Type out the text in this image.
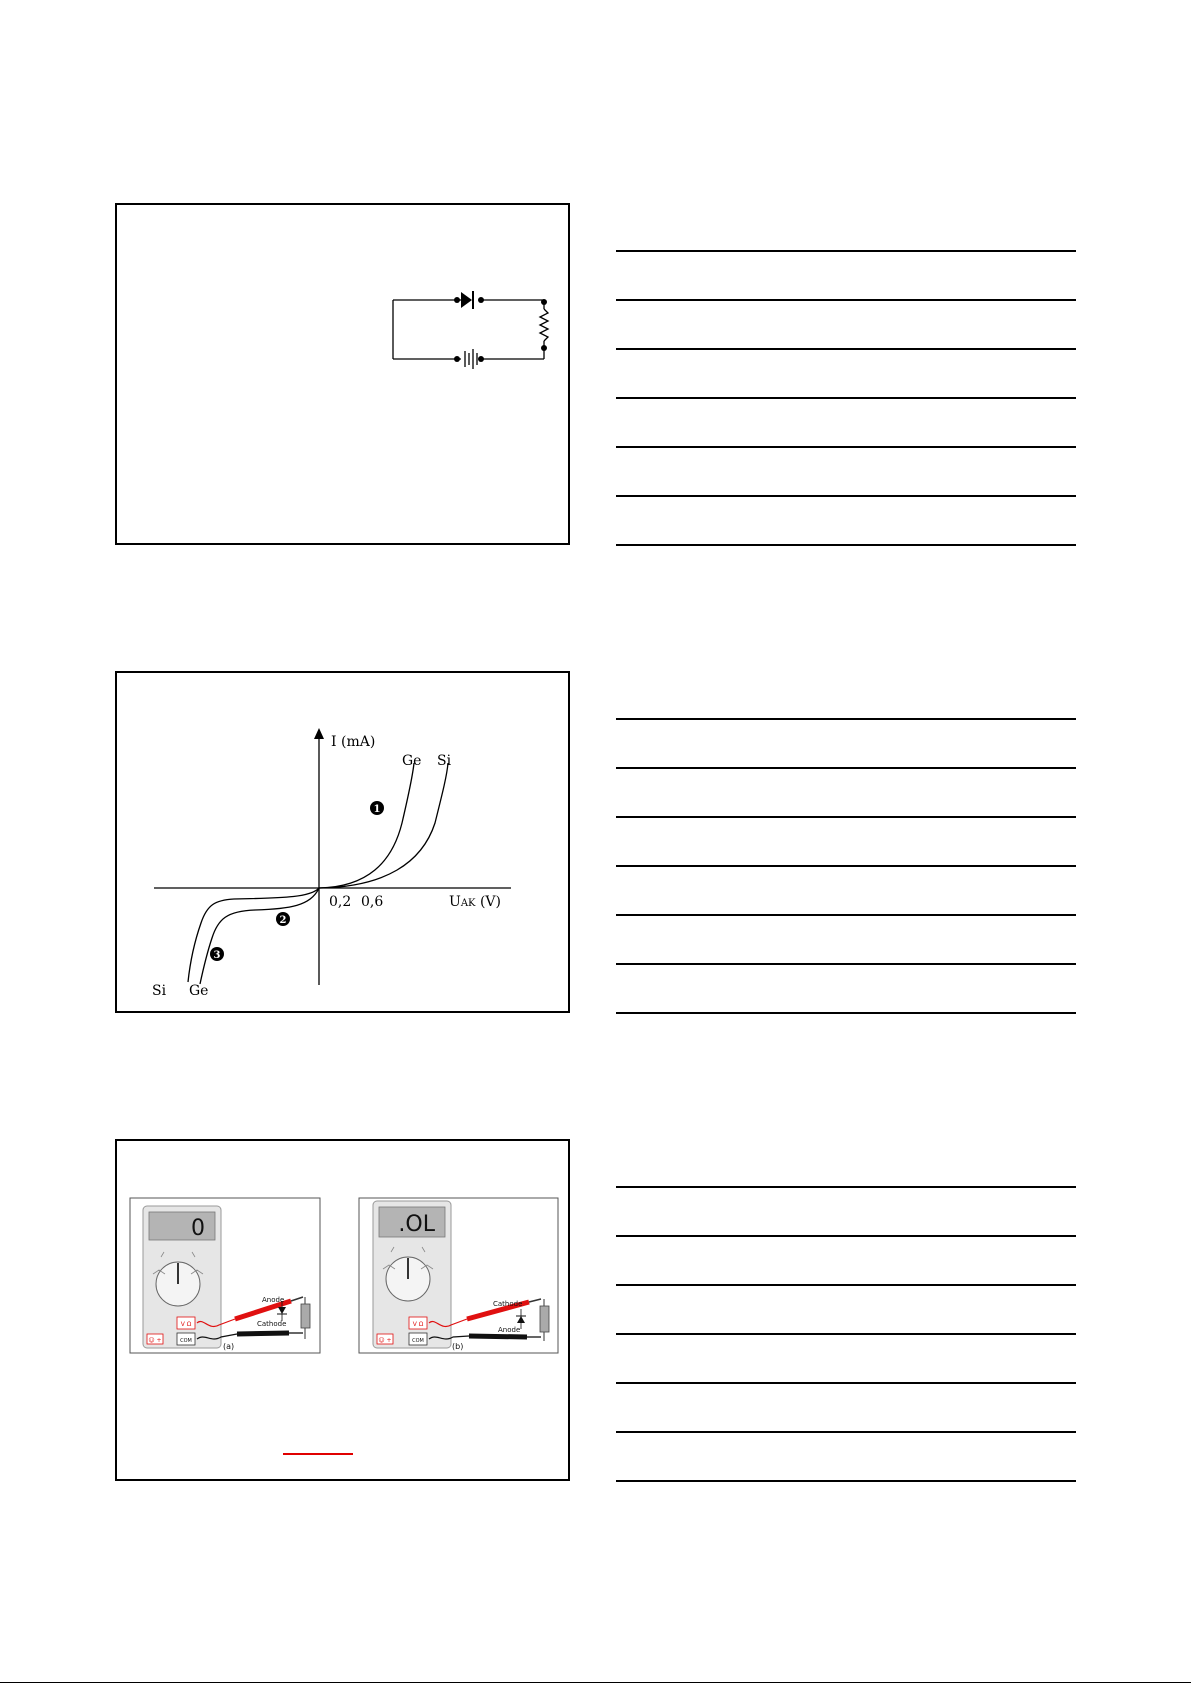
I (mA)
Ge Si
0,2 0,6	UAK (V)
Si Ge
1
2
3
0
☺ +
V Ω
COM
Anode
Cathode
(a)
.OL
☺ +
V Ω
COM
Cathode
Anode
(b)
